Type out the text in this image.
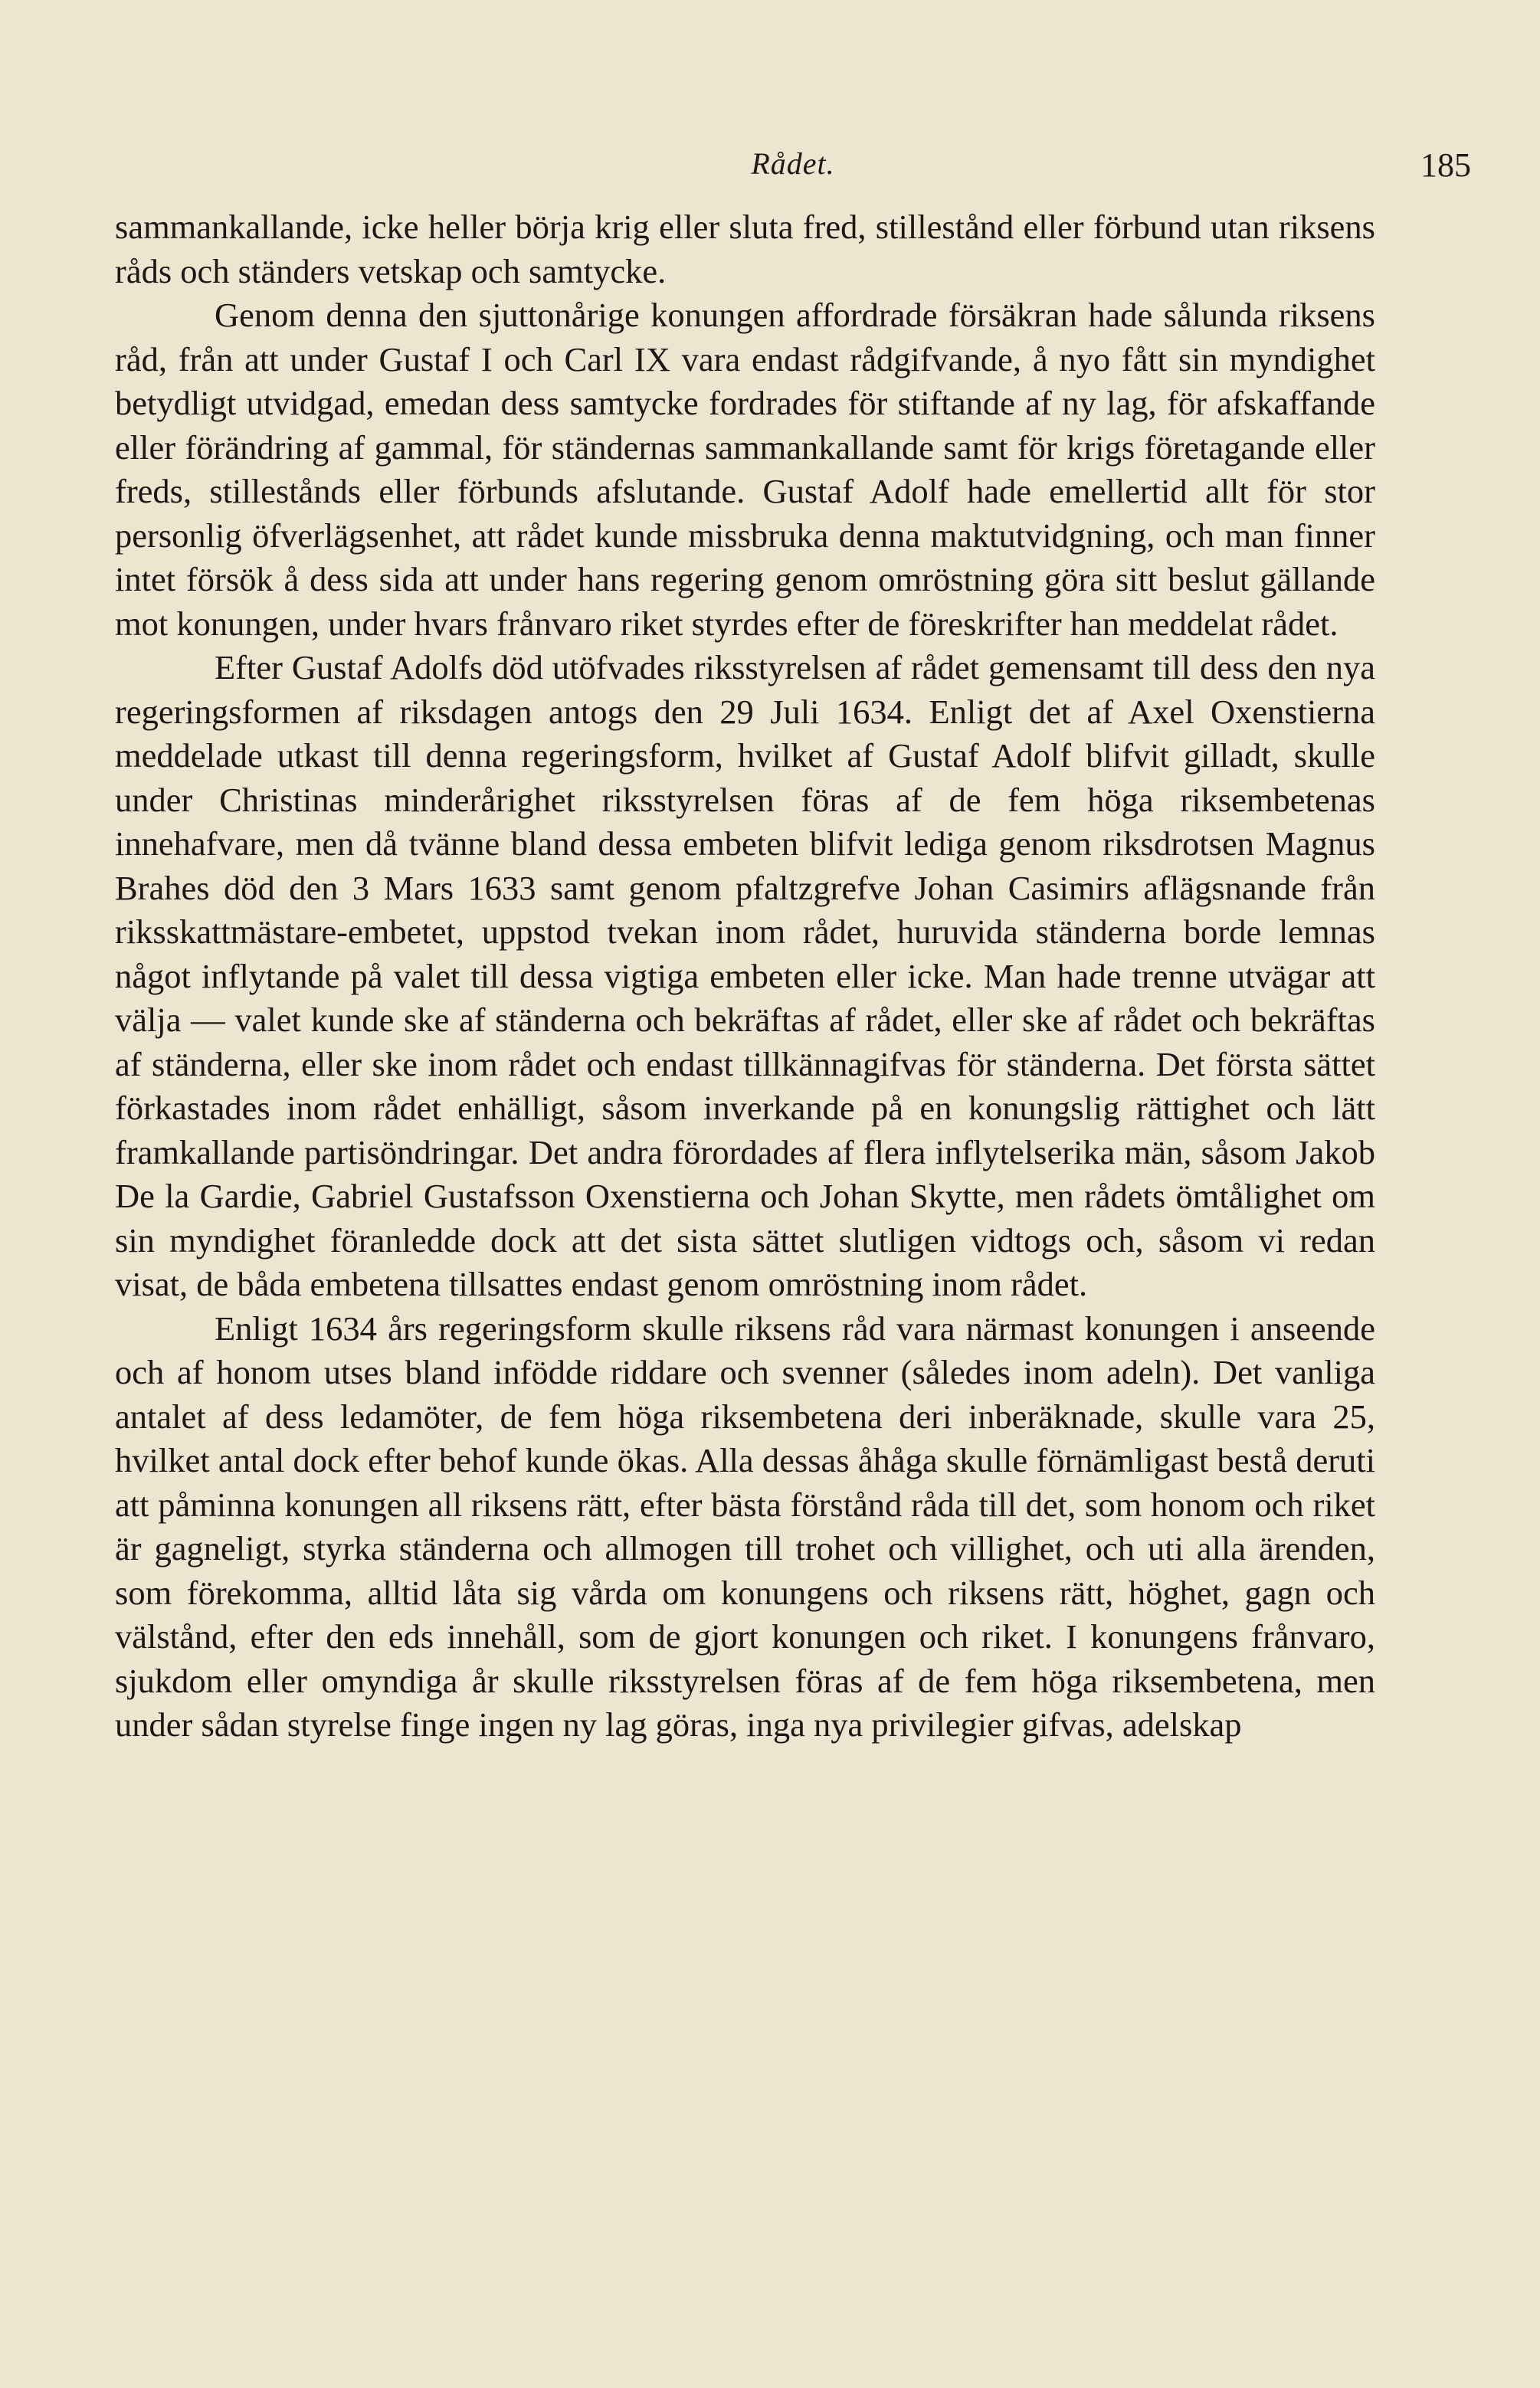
Rådet.	185

sammankallande, icke heller börja krig eller sluta fred, stillestånd eller förbund utan riksens råds och ständers vetskap och samtycke.

Genom denna den sjuttonårige konungen affordrade försäkran hade sålunda riksens råd, från att under Gustaf I och Carl IX vara endast rådgifvande, å nyo fått sin myndighet betydligt utvidgad, emedan dess samtycke fordrades för stiftande af ny lag, för afskaffande eller förändring af gammal, för ständernas sammankallande samt för krigs företagande eller freds, stillestånds eller förbunds afslutande. Gustaf Adolf hade emellertid allt för stor personlig öfverlägsenhet, att rådet kunde missbruka denna maktutvidgning, och man finner intet försök å dess sida att under hans regering genom omröstning göra sitt beslut gällande mot konungen, under hvars frånvaro riket styrdes efter de föreskrifter han meddelat rådet.

Efter Gustaf Adolfs död utöfvades riksstyrelsen af rådet gemensamt till dess den nya regeringsformen af riksdagen antogs den 29 Juli 1634. Enligt det af Axel Oxenstierna meddelade utkast till denna regeringsform, hvilket af Gustaf Adolf blifvit gilladt, skulle under Christinas minderårighet riksstyrelsen föras af de fem höga riksembetenas innehafvare, men då tvänne bland dessa embeten blifvit lediga genom riksdrotsen Magnus Brahes död den 3 Mars 1633 samt genom pfaltzgrefve Johan Casimirs aflägsnande från riksskattmästare-embetet, uppstod tvekan inom rådet, huruvida ständerna borde lemnas något inflytande på valet till dessa vigtiga embeten eller icke. Man hade trenne utvägar att välja — valet kunde ske af ständerna och bekräftas af rådet, eller ske af rådet och bekräftas af ständerna, eller ske inom rådet och endast tillkännagifvas för ständerna. Det första sättet förkastades inom rådet enhälligt, såsom inverkande på en konungslig rättighet och lätt framkallande partisöndringar. Det andra förordades af flera inflytelserika män, såsom Jakob De la Gardie, Gabriel Gustafsson Oxenstierna och Johan Skytte, men rådets ömtålighet om sin myndighet föranledde dock att det sista sättet slutligen vidtogs och, såsom vi redan visat, de båda embetena tillsattes endast genom omröstning inom rådet.

Enligt 1634 års regeringsform skulle riksens råd vara närmast konungen i anseende och af honom utses bland infödde riddare och svenner (således inom adeln). Det vanliga antalet af dess ledamöter, de fem höga riksembetena deri inberäknade, skulle vara 25, hvilket antal dock efter behof kunde ökas. Alla dessas åhåga skulle förnämligast bestå deruti att påminna konungen all riksens rätt, efter bästa förstånd råda till det, som honom och riket är gagneligt, styrka ständerna och allmogen till trohet och villighet, och uti alla ärenden, som förekomma, alltid låta sig vårda om konungens och riksens rätt, höghet, gagn och välstånd, efter den eds innehåll, som de gjort konungen och riket. I konungens frånvaro, sjukdom eller omyndiga år skulle riksstyrelsen föras af de fem höga riksembetena, men under sådan styrelse finge ingen ny lag göras, inga nya privilegier gifvas, adelskap
